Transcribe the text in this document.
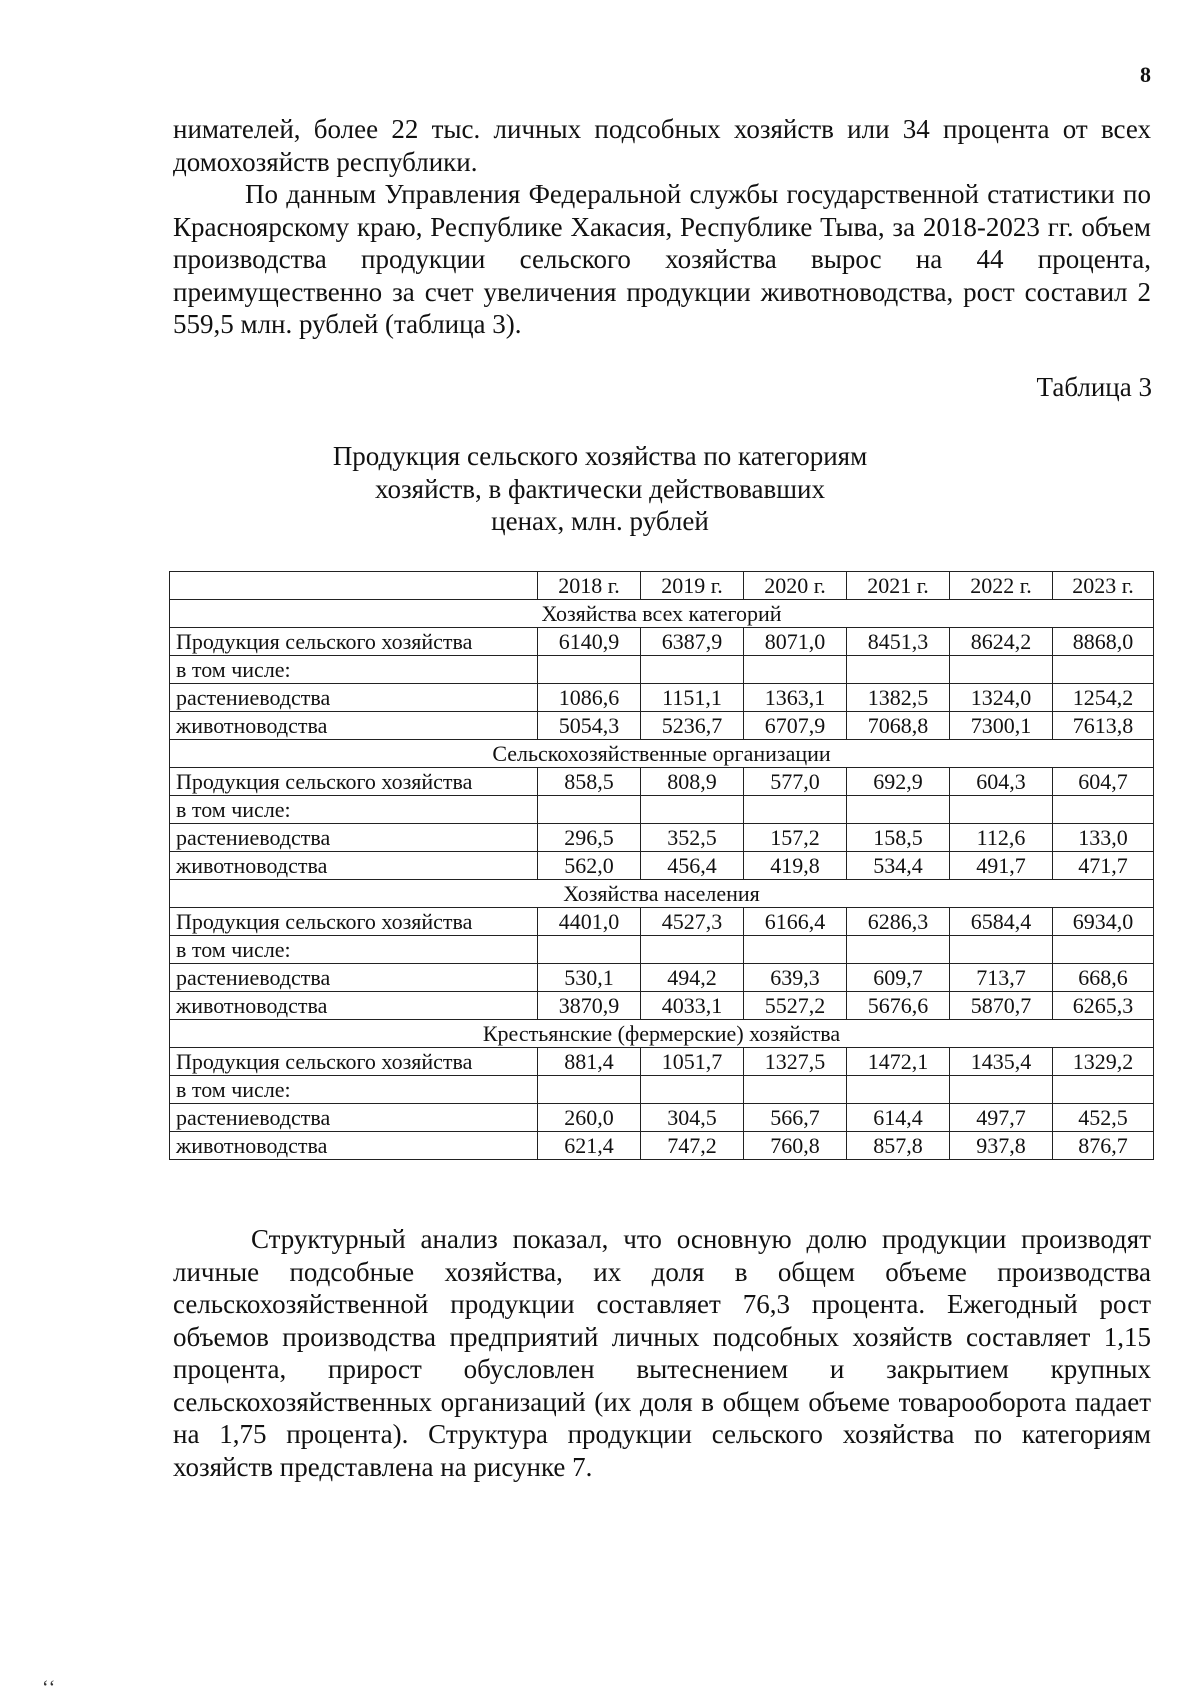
8

нимателей, более 22 тыс. личных подсобных хозяйств или 34 процента от всех домохозяйств республики.

По данным Управления Федеральной службы государственной статистики по Красноярскому краю, Республике Хакасия, Республике Тыва, за 2018-2023 гг. объем производства продукции сельского хозяйства вырос на 44 процента, преимущественно за счет увеличения продукции животноводства, рост составил 2 559,5 млн. рублей (таблица 3).

Таблица 3
Продукция сельского хозяйства по категориям
хозяйств, в фактически действовавших
ценах, млн. рублей
	2018 г.	2019 г.	2020 г.	2021 г.	2022 г.	2023 г.
Хозяйства всех категорий						
Продукция сельского хозяйства	6140,9	6387,9	8071,0	8451,3	8624,2	8868,0
в том числе:						
растениеводства	1086,6	1151,1	1363,1	1382,5	1324,0	1254,2
животноводства	5054,3	5236,7	6707,9	7068,8	7300,1	7613,8
Сельскохозяйственные организации						
Продукция сельского хозяйства	858,5	808,9	577,0	692,9	604,3	604,7
в том числе:						
растениеводства	296,5	352,5	157,2	158,5	112,6	133,0
животноводства	562,0	456,4	419,8	534,4	491,7	471,7
Хозяйства населения						
Продукция сельского хозяйства	4401,0	4527,3	6166,4	6286,3	6584,4	6934,0
в том числе:						
растениеводства	530,1	494,2	639,3	609,7	713,7	668,6
животноводства	3870,9	4033,1	5527,2	5676,6	5870,7	6265,3
Крестьянские (фермерские) хозяйства						
Продукция сельского хозяйства	881,4	1051,7	1327,5	1472,1	1435,4	1329,2
в том числе:						
растениеводства	260,0	304,5	566,7	614,4	497,7	452,5
животноводства	621,4	747,2	760,8	857,8	937,8	876,7

Структурный анализ показал, что основную долю продукции производят личные подсобные хозяйства, их доля в общем объеме производства сельскохозяйственной продукции составляет 76,3 процента. Ежегодный рост объемов производства предприятий личных подсобных хозяйств составляет 1,15 процента, прирост обусловлен вытеснением и закрытием крупных сельскохозяйственных организаций (их доля в общем объеме товарооборота падает на 1,75 процента). Структура продукции сельского хозяйства по категориям хозяйств представлена на рисунке 7.

ʻʻ
